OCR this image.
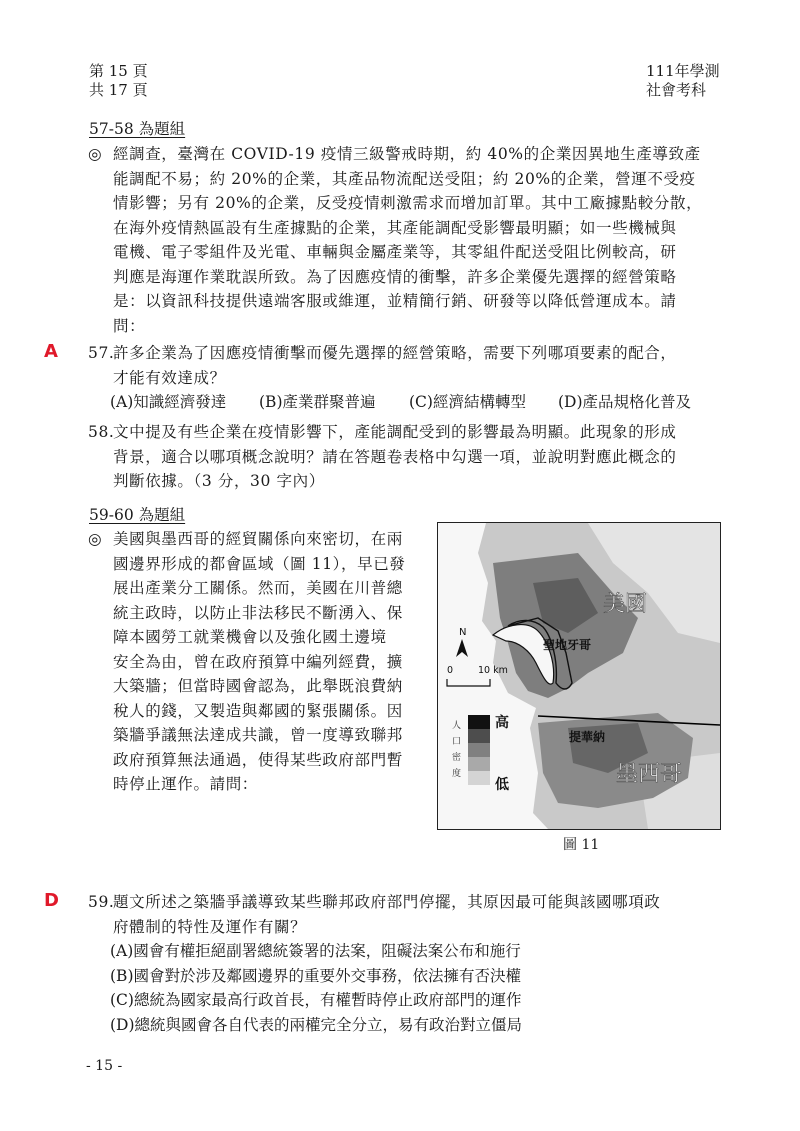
第 15 頁
共 17 頁
111年學測
社會考科
57-58 為題組
◎ 經調查，臺灣在 COVID-19 疫情三級警戒時期，約 40%的企業因異地生產導致產
能調配不易；約 20%的企業，其產品物流配送受阻；約 20%的企業，營運不受疫
情影響；另有 20%的企業，反受疫情刺激需求而增加訂單。其中工廠據點較分散，
在海外疫情熱區設有生產據點的企業，其產能調配受影響最明顯；如一些機械與
電機、電子零組件及光電、車輛與金屬產業等，其零組件配送受阻比例較高，研
判應是海運作業耽誤所致。為了因應疫情的衝擊，許多企業優先選擇的經營策略
是：以資訊科技提供遠端客服或維運，並精簡行銷、研發等以降低營運成本。請
問：
A 57.
許多企業為了因應疫情衝擊而優先選擇的經營策略，需要下列哪項要素的配合，
才能有效達成？
(A)知識經濟發達 (B)產業群聚普遍 (C)經濟結構轉型 (D)產品規格化普及
58.
文中提及有些企業在疫情影響下，產能調配受到的影響最為明顯。此現象的形成
背景，適合以哪項概念說明？請在答題卷表格中勾選一項，並說明對應此概念的
判斷依據。（3 分，30 字內）
59-60 為題組
◎ 美國與墨西哥的經貿關係向來密切，在兩
國邊界形成的都會區域（圖 11），早已發
展出產業分工關係。然而，美國在川普總
統主政時，以防止非法移民不斷湧入、保
障本國勞工就業機會以及強化國土邊境
安全為由，曾在政府預算中編列經費，擴
大築牆；但當時國會認為，此舉既浪費納
稅人的錢，又製造與鄰國的緊張關係。因
築牆爭議無法達成共識，曾一度導致聯邦
政府預算無法通過，使得某些政府部門暫
時停止運作。請問：
N
0	10 km
人
口
密
度
高
低
美國
聖地牙哥
提華納
墨西哥
圖 11
D 59.
題文所述之築牆爭議導致某些聯邦政府部門停擺，其原因最可能與該國哪項政
府體制的特性及運作有關？
(A)國會有權拒絕副署總統簽署的法案，阻礙法案公布和施行
(B)國會對於涉及鄰國邊界的重要外交事務，依法擁有否決權
(C)總統為國家最高行政首長，有權暫時停止政府部門的運作
(D)總統與國會各自代表的兩權完全分立，易有政治對立僵局
- 15 -
